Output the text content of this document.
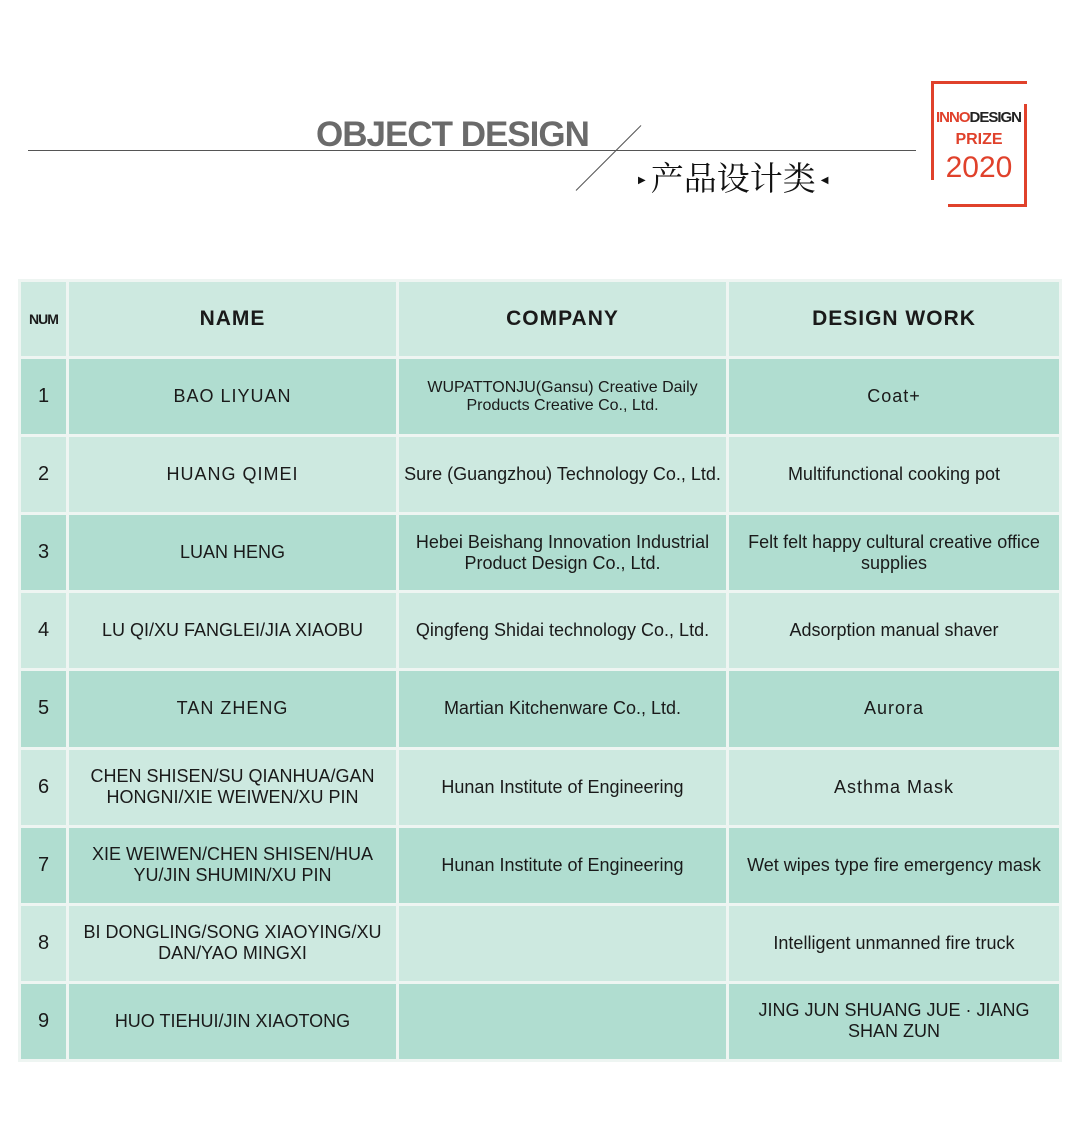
OBJECT DESIGN
▶ 产品设计类 ◀
INNODESIGN
PRIZE
2020
NUM	NAME	COMPANY	DESIGN WORK
1	BAO LIYUAN	WUPATTONJU(Gansu) Creative Daily Products Creative Co., Ltd.	Coat+
2	HUANG QIMEI	Sure (Guangzhou) Technology Co., Ltd.	Multifunctional cooking pot
3	LUAN HENG	Hebei Beishang Innovation Industrial Product Design Co., Ltd.	Felt felt happy cultural creative office supplies
4	LU QI/XU FANGLEI/JIA XIAOBU	Qingfeng Shidai technology Co., Ltd.	Adsorption manual shaver
5	TAN ZHENG	Martian Kitchenware Co., Ltd.	Aurora
6	CHEN SHISEN/SU QIANHUA/GAN HONGNI/XIE WEIWEN/XU PIN	Hunan Institute of Engineering	Asthma Mask
7	XIE WEIWEN/CHEN SHISEN/HUA YU/JIN SHUMIN/XU PIN	Hunan Institute of Engineering	Wet wipes type fire emergency mask
8	BI DONGLING/SONG XIAOYING/XU DAN/YAO MINGXI		Intelligent unmanned fire truck
9	HUO TIEHUI/JIN XIAOTONG		JING JUN SHUANG JUE · JIANG SHAN ZUN
